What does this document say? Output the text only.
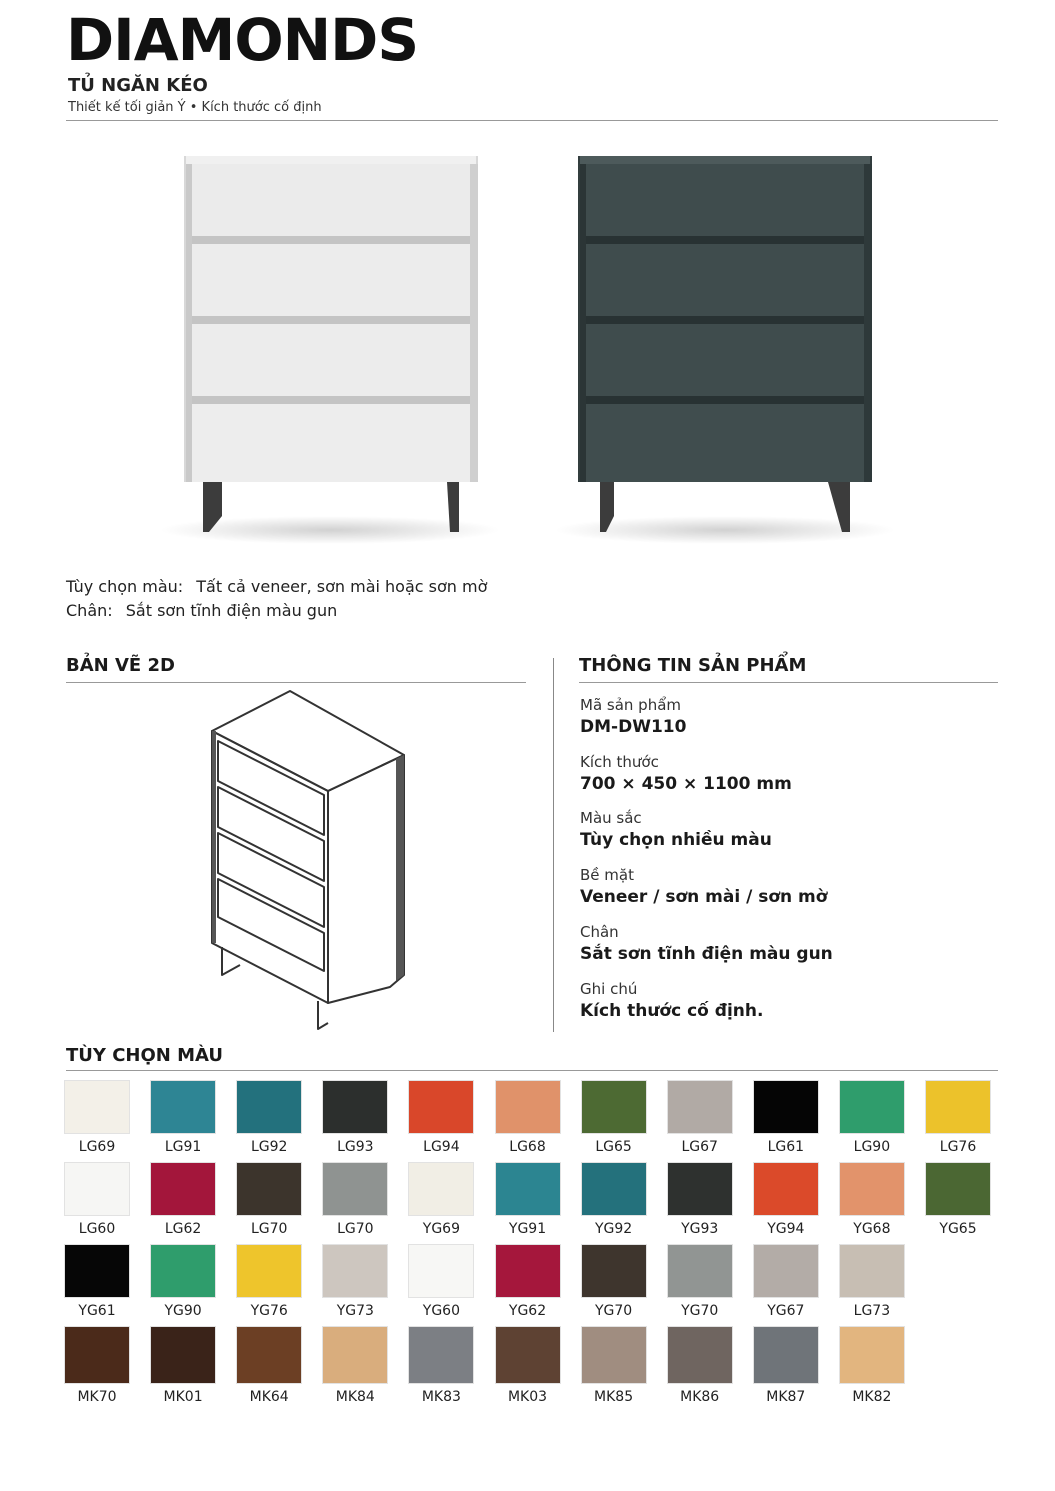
DIAMONDS
TỦ NGĂN KÉO
Thiết kế tối giản Ý • Kích thước cố định
Tùy chọn màu: Tất cả veneer, sơn mài hoặc sơn mờ
Chân: Sắt sơn tĩnh điện màu gun
BẢN VẼ 2D	THÔNG TIN SẢN PHẨM
Mã sản phẩm
DM-DW110
Kích thước
700 × 450 × 1100 mm
Màu sắc
Tùy chọn nhiều màu
Bề mặt
Veneer / sơn mài / sơn mờ
Chân
Sắt sơn tĩnh điện màu gun
Ghi chú
Kích thước cố định.
TÙY CHỌN MÀU
LG69	LG91	LG92	LG93	LG94	LG68	LG65	LG67	LG61	LG90	LG76
LG60	LG62	LG70	LG70	YG69	YG91	YG92	YG93	YG94	YG68	YG65
YG61	YG90	YG76	YG73	YG60	YG62	YG70	YG70	YG67	LG73
MK70	MK01	MK64	MK84	MK83	MK03	MK85	MK86	MK87	MK82
